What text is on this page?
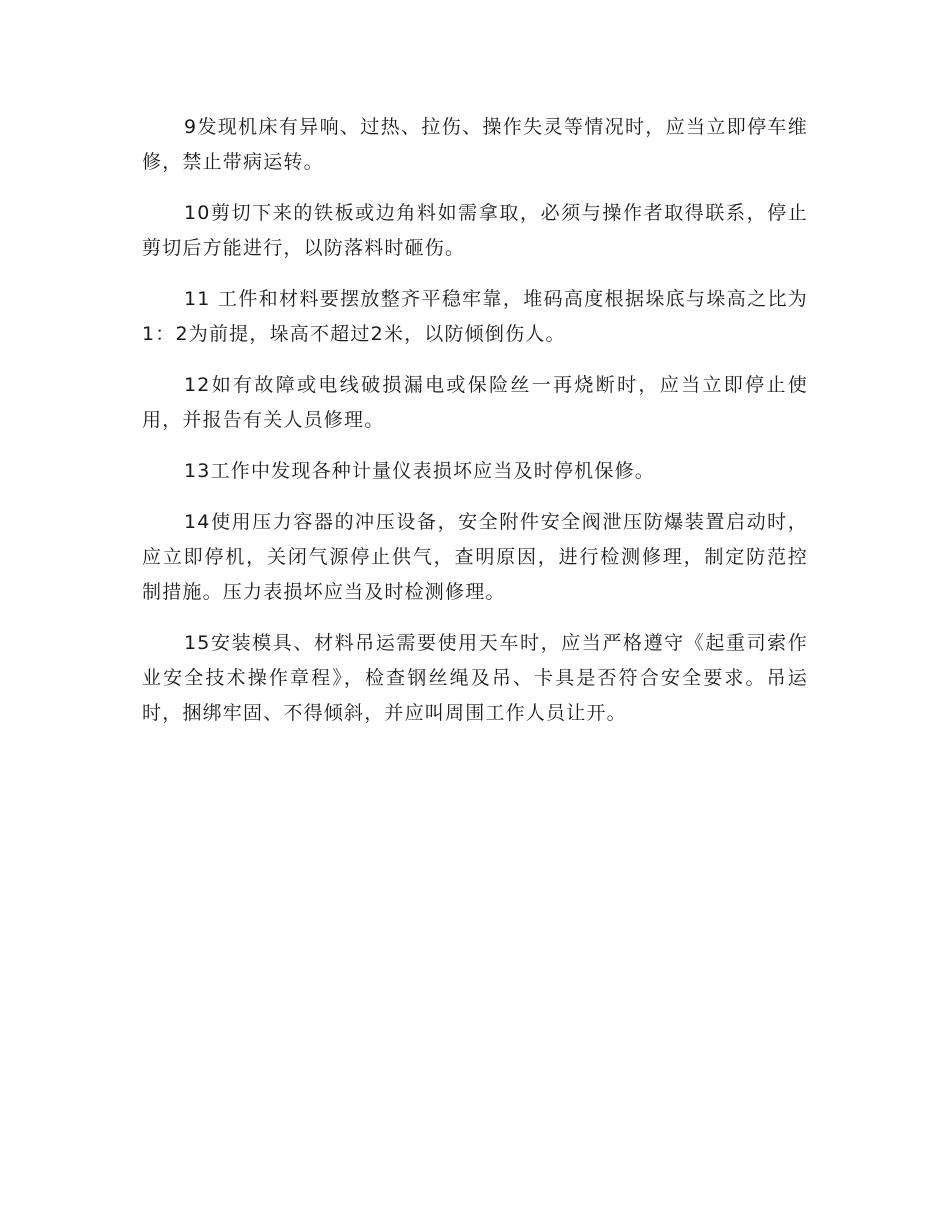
9发现机床有异响、过热、拉伤、操作失灵等情况时，应当立即停车维修，禁止带病运转。

10剪切下来的铁板或边角料如需拿取，必须与操作者取得联系，停止剪切后方能进行，以防落料时砸伤。

11 工件和材料要摆放整齐平稳牢靠，堆码高度根据垛底与垛高之比为1：2为前提，垛高不超过2米，以防倾倒伤人。

12如有故障或电线破损漏电或保险丝一再烧断时，应当立即停止使用，并报告有关人员修理。

13工作中发现各种计量仪表损坏应当及时停机保修。

14使用压力容器的冲压设备，安全附件安全阀泄压防爆装置启动时，应立即停机，关闭气源停止供气，查明原因，进行检测修理，制定防范控制措施。压力表损坏应当及时检测修理。

15安装模具、材料吊运需要使用天车时，应当严格遵守《起重司索作业安全技术操作章程》，检查钢丝绳及吊、卡具是否符合安全要求。吊运时，捆绑牢固、不得倾斜，并应叫周围工作人员让开。
